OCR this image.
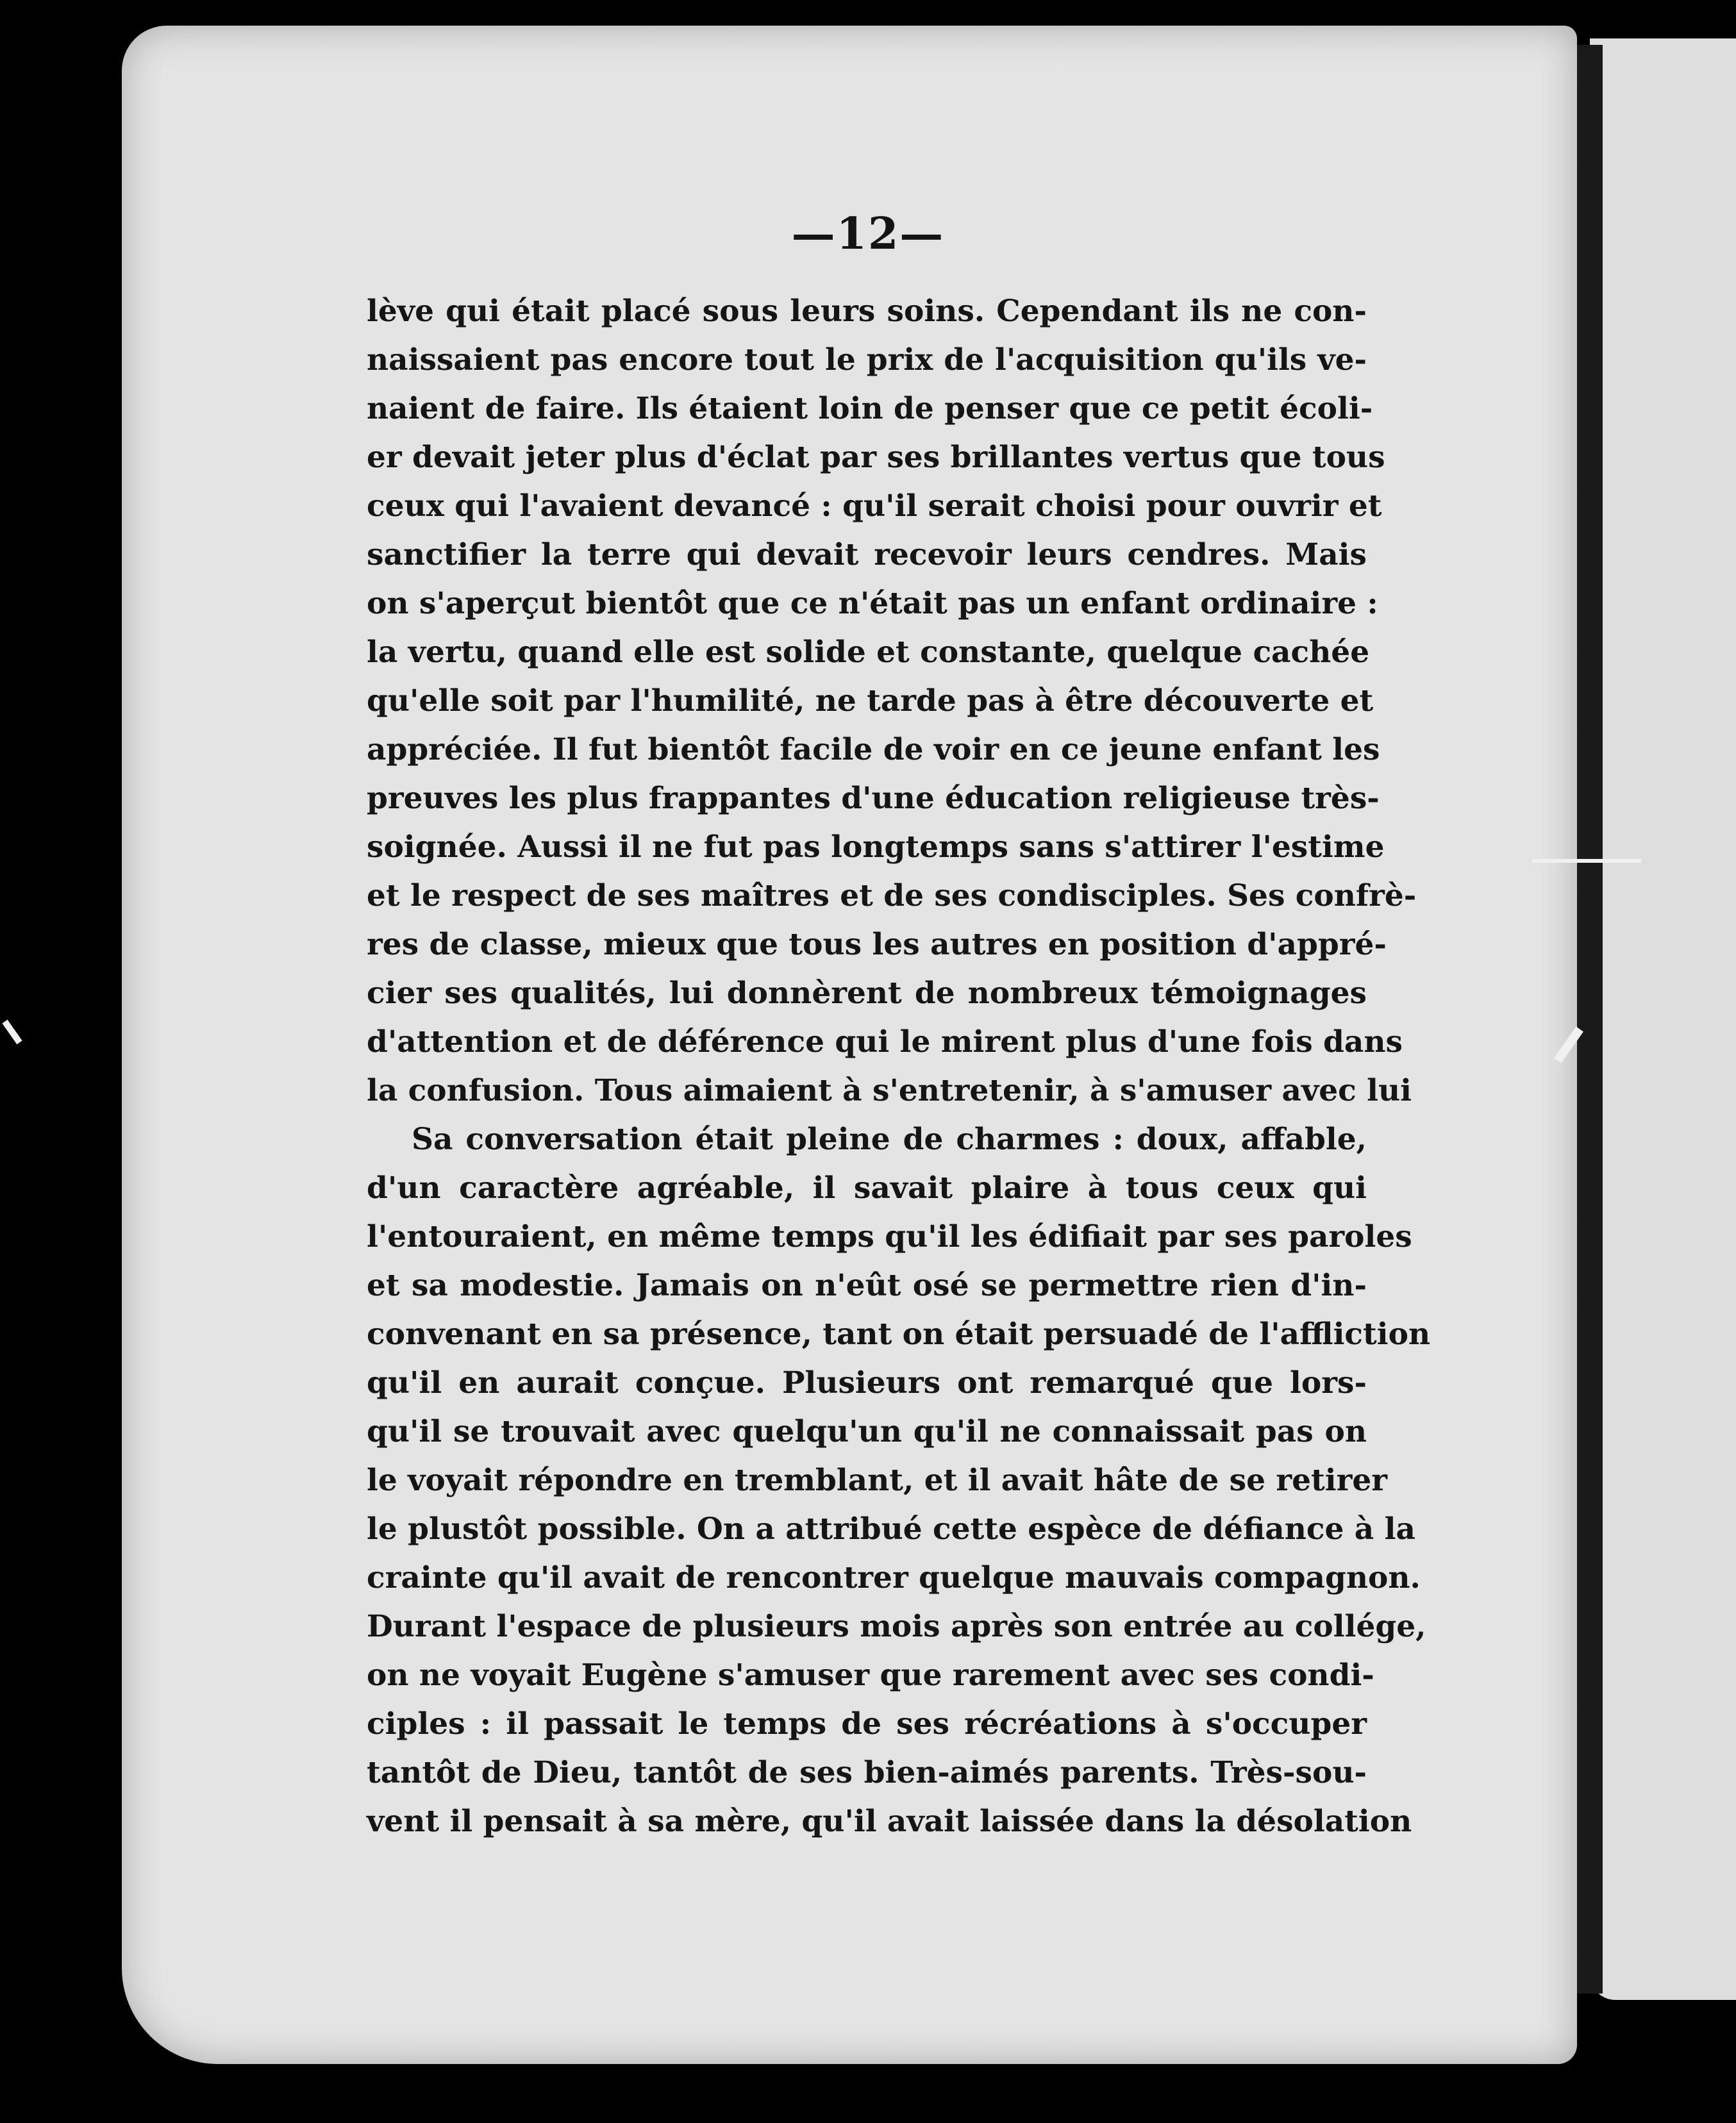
—12—
lève qui était placé sous leurs soins. Cependant ils ne con-
naissaient pas encore tout le prix de l'acquisition qu'ils ve-
naient de faire. Ils étaient loin de penser que ce petit écoli-
er devait jeter plus d'éclat par ses brillantes vertus que tous
ceux qui l'avaient devancé : qu'il serait choisi pour ouvrir et
sanctifier la terre qui devait recevoir leurs cendres. Mais
on s'aperçut bientôt que ce n'était pas un enfant ordinaire :
la vertu, quand elle est solide et constante, quelque cachée
qu'elle soit par l'humilité, ne tarde pas à être découverte et
appréciée. Il fut bientôt facile de voir en ce jeune enfant les
preuves les plus frappantes d'une éducation religieuse très-
soignée. Aussi il ne fut pas longtemps sans s'attirer l'estime
et le respect de ses maîtres et de ses condisciples. Ses confrè-
res de classe, mieux que tous les autres en position d'appré-
cier ses qualités, lui donnèrent de nombreux témoignages
d'attention et de déférence qui le mirent plus d'une fois dans
la confusion. Tous aimaient à s'entretenir, à s'amuser avec lui
Sa conversation était pleine de charmes : doux, affable,
d'un caractère agréable, il savait plaire à tous ceux qui
l'entouraient, en même temps qu'il les édifiait par ses paroles
et sa modestie. Jamais on n'eût osé se permettre rien d'in-
convenant en sa présence, tant on était persuadé de l'affliction
qu'il en aurait conçue. Plusieurs ont remarqué que lors-
qu'il se trouvait avec quelqu'un qu'il ne connaissait pas on
le voyait répondre en tremblant, et il avait hâte de se retirer
le plustôt possible. On a attribué cette espèce de défiance à la
crainte qu'il avait de rencontrer quelque mauvais compagnon.
Durant l'espace de plusieurs mois après son entrée au collége,
on ne voyait Eugène s'amuser que rarement avec ses condi-
ciples : il passait le temps de ses récréations à s'occuper
tantôt de Dieu, tantôt de ses bien-aimés parents. Très-sou-
vent il pensait à sa mère, qu'il avait laissée dans la désolation
